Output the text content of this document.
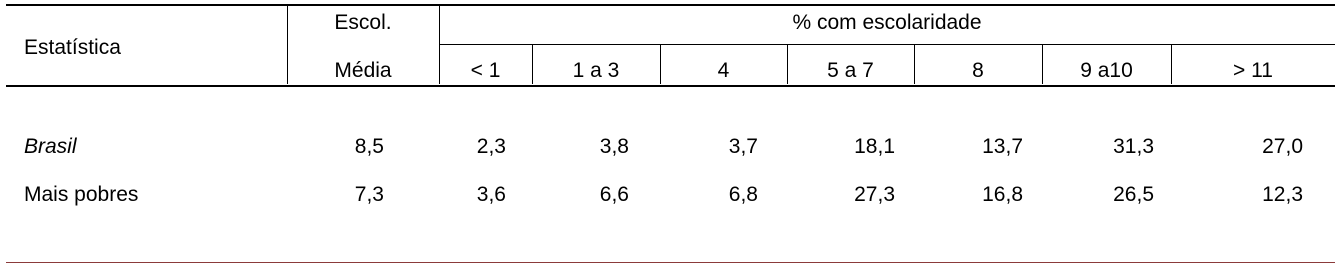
Estatística
Escol.
Média
% com escolaridade
< 1	1 a 3	4	5 a 7	8	9 a10	> 11
Brasil	8,5	2,3	3,8	3,7	18,1	13,7	31,3	27,0
Mais pobres	7,3	3,6	6,6	6,8	27,3	16,8	26,5	12,3
